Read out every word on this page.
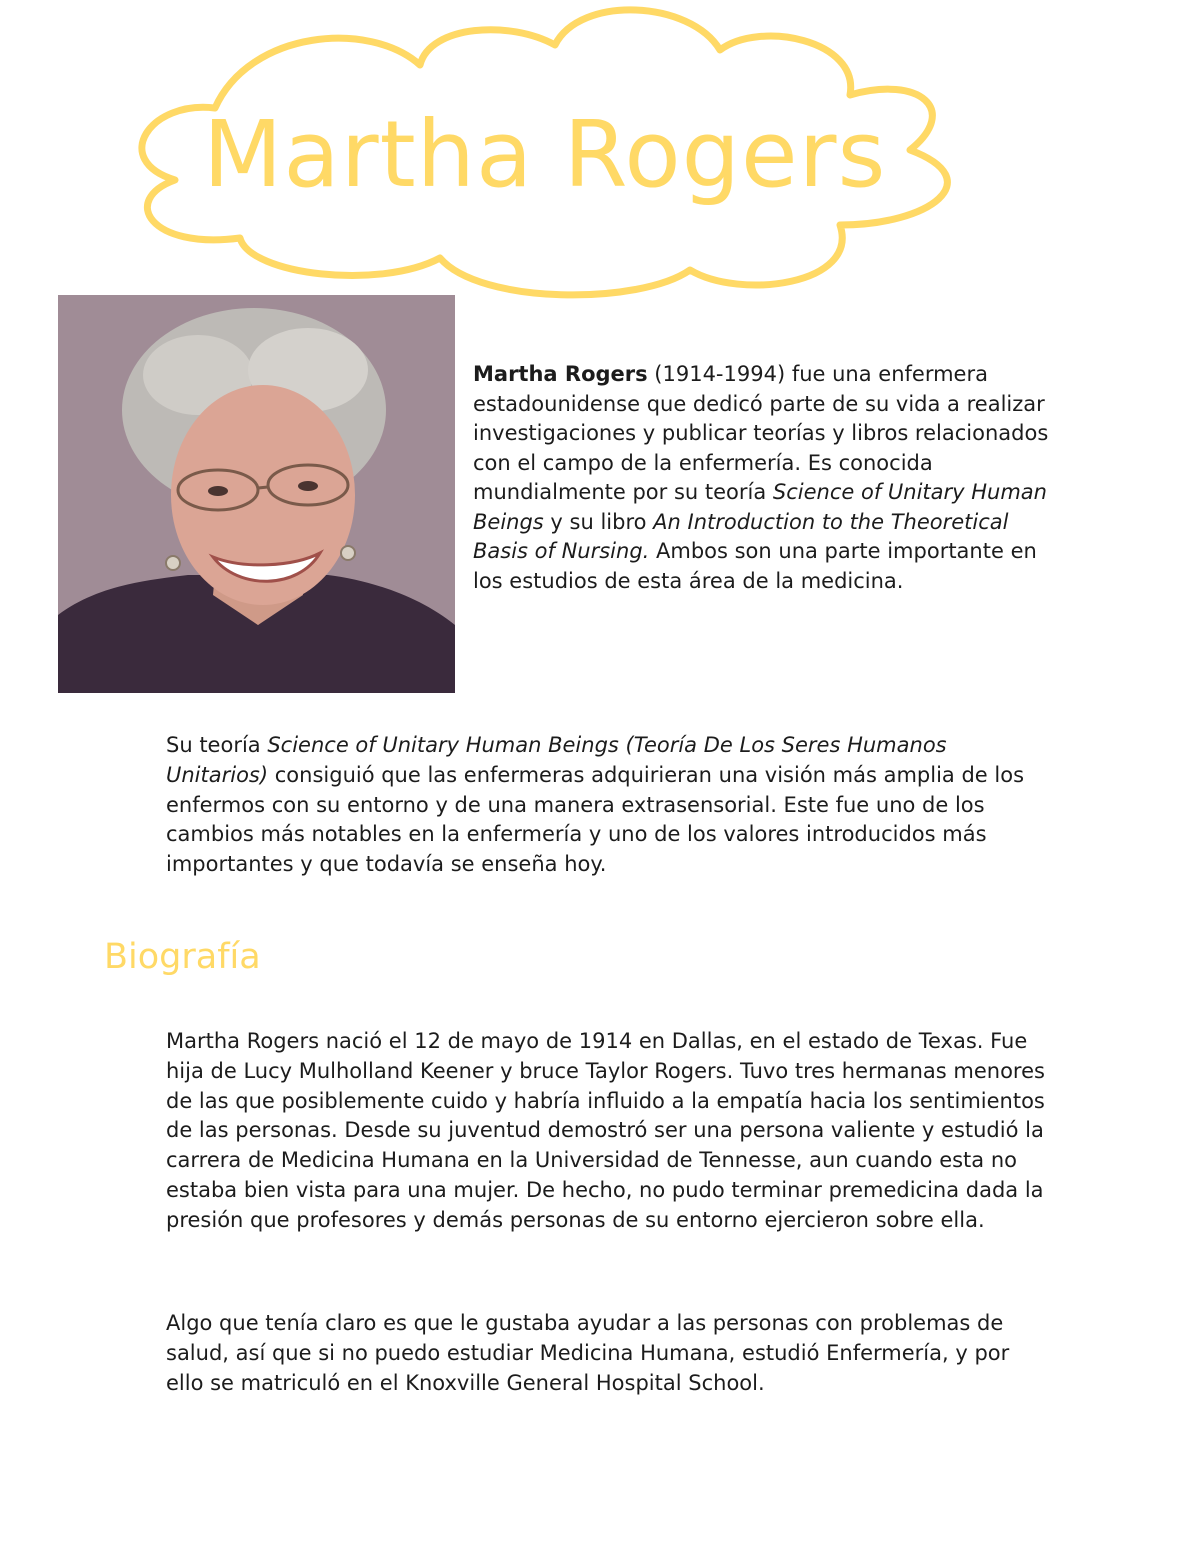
Martha Rogers

Martha Rogers (1914-1994) fue una enfermera estadounidense que dedicó parte de su vida a realizar investigaciones y publicar teorías y libros relacionados con el campo de la enfermería. Es conocida mundialmente por su teoría Science of Unitary Human Beings y su libro An Introduction to the Theoretical Basis of Nursing. Ambos son una parte importante en los estudios de esta área de la medicina.

Su teoría Science of Unitary Human Beings (Teoría De Los Seres Humanos Unitarios) consiguió que las enfermeras adquirieran una visión más amplia de los enfermos con su entorno y de una manera extrasensorial. Este fue uno de los cambios más notables en la enfermería y uno de los valores introducidos más importantes y que todavía se enseña hoy.

Biografía

Martha Rogers nació el 12 de mayo de 1914 en Dallas, en el estado de Texas. Fue hija de Lucy Mulholland Keener y bruce Taylor Rogers. Tuvo tres hermanas menores de las que posiblemente cuido y habría influido a la empatía hacia los sentimientos de las personas. Desde su juventud demostró ser una persona valiente y estudió la carrera de Medicina Humana en la Universidad de Tennesse, aun cuando esta no estaba bien vista para una mujer. De hecho, no pudo terminar premedicina dada la presión que profesores y demás personas de su entorno ejercieron sobre ella.

Algo que tenía claro es que le gustaba ayudar a las personas con problemas de salud, así que si no puedo estudiar Medicina Humana, estudió Enfermería, y por ello se matriculó en el Knoxville General Hospital School.
